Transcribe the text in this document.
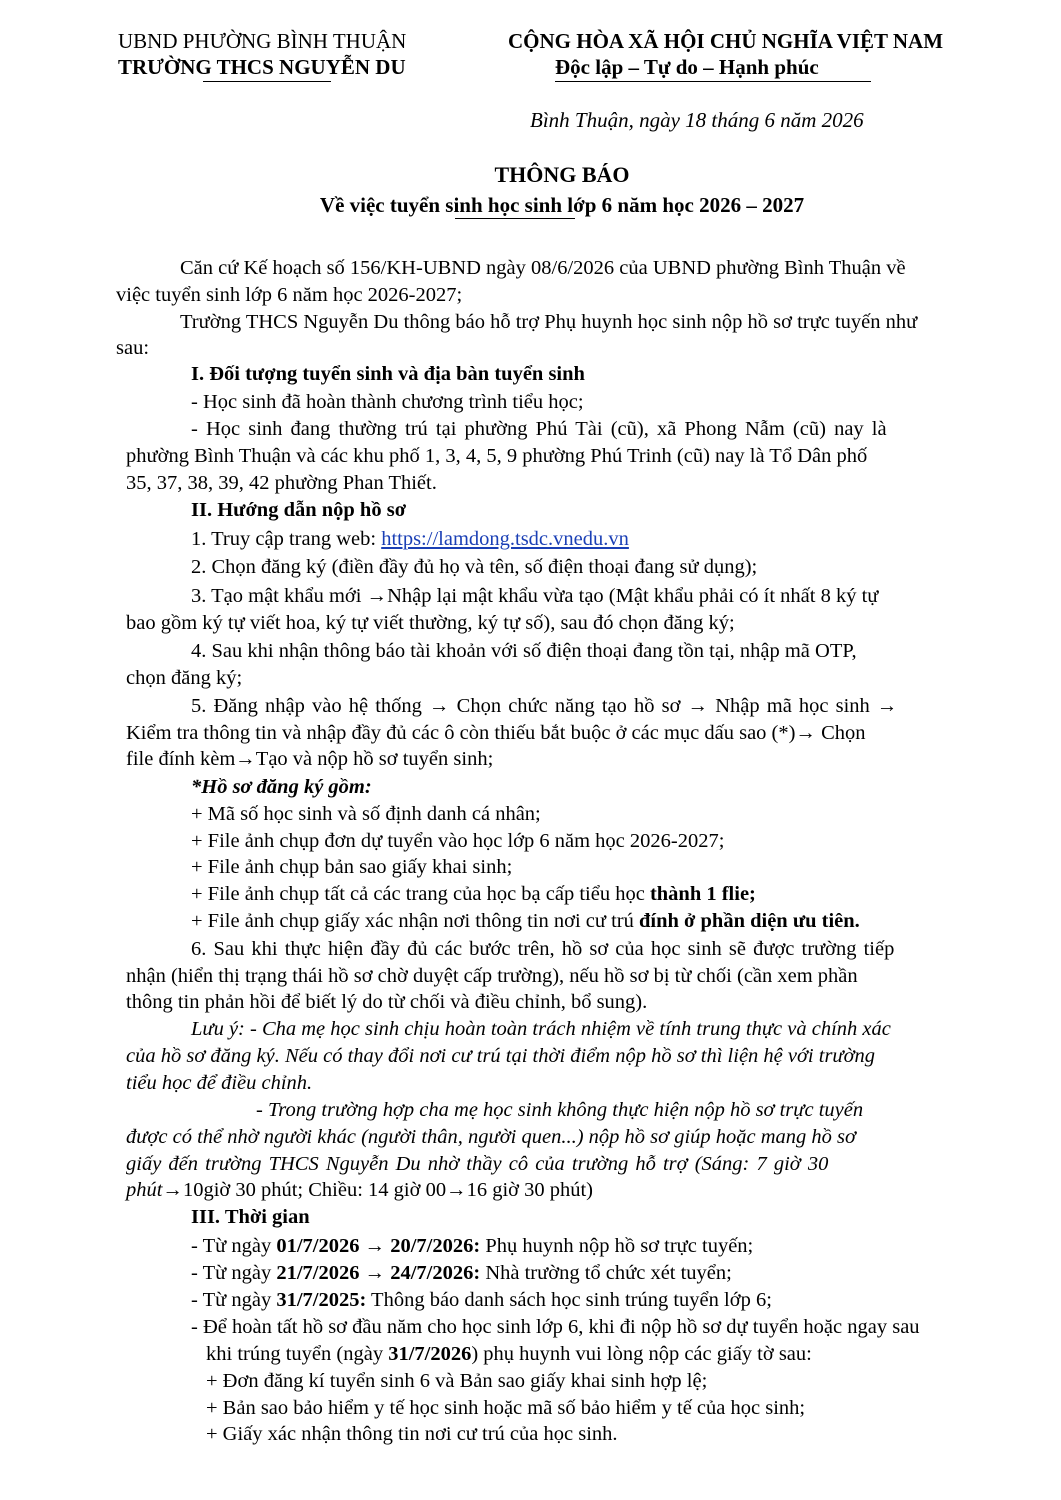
UBND PHƯỜNG BÌNH THUẬN
TRƯỜNG THCS NGUYỄN DU
CỘNG HÒA XÃ HỘI CHỦ NGHĨA VIỆT NAM
Độc lập – Tự do – Hạnh phúc
Bình Thuận, ngày 18 tháng 6 năm 2026
THÔNG BÁO
Về việc tuyển sinh học sinh lớp 6 năm học 2026 – 2027
Căn cứ Kế hoạch số 156/KH-UBND ngày 08/6/2026 của UBND phường Bình Thuận về
việc tuyển sinh lớp 6 năm học 2026-2027;
Trường THCS Nguyễn Du thông báo hỗ trợ Phụ huynh học sinh nộp hồ sơ trực tuyến như
sau:
I. Đối tượng tuyển sinh và địa bàn tuyển sinh
- Học sinh đã hoàn thành chương trình tiểu học;
- Học sinh đang thường trú tại phường Phú Tài (cũ), xã Phong Nẫm (cũ) nay là
phường Bình Thuận và các khu phố 1, 3, 4, 5, 9 phường Phú Trinh (cũ) nay là Tổ Dân phố
35, 37, 38, 39, 42 phường Phan Thiết.
II. Hướng dẫn nộp hồ sơ
1. Truy cập trang web: https://lamdong.tsdc.vnedu.vn
2. Chọn đăng ký (điền đầy đủ họ và tên, số điện thoại đang sử dụng);
3. Tạo mật khẩu mới →Nhập lại mật khẩu vừa tạo (Mật khẩu phải có ít nhất 8 ký tự
bao gồm ký tự viết hoa, ký tự viết thường, ký tự số), sau đó chọn đăng ký;
4. Sau khi nhận thông báo tài khoản với số điện thoại đang tồn tại, nhập mã OTP,
chọn đăng ký;
5. Đăng nhập vào hệ thống → Chọn chức năng tạo hồ sơ → Nhập mã học sinh →
Kiểm tra thông tin và nhập đầy đủ các ô còn thiếu bắt buộc ở các mục dấu sao (*)→ Chọn
file đính kèm→Tạo và nộp hồ sơ tuyển sinh;
*Hồ sơ đăng ký gồm:
+ Mã số học sinh và số định danh cá nhân;
+ File ảnh chụp đơn dự tuyển vào học lớp 6 năm học 2026-2027;
+ File ảnh chụp bản sao giấy khai sinh;
+ File ảnh chụp tất cả các trang của học bạ cấp tiểu học thành 1 flie;
+ File ảnh chụp giấy xác nhận nơi thông tin nơi cư trú đính ở phần diện ưu tiên.
6. Sau khi thực hiện đầy đủ các bước trên, hồ sơ của học sinh sẽ được trường tiếp
nhận (hiển thị trạng thái hồ sơ chờ duyệt cấp trường), nếu hồ sơ bị từ chối (cần xem phần
thông tin phản hồi để biết lý do từ chối và điều chỉnh, bổ sung).
Lưu ý: - Cha mẹ học sinh chịu hoàn toàn trách nhiệm về tính trung thực và chính xác
của hồ sơ đăng ký. Nếu có thay đổi nơi cư trú tại thời điểm nộp hồ sơ thì liện hệ với trường
tiểu học để điều chỉnh.
- Trong trường hợp cha mẹ học sinh không thực hiện nộp hồ sơ trực tuyến
được có thể nhờ người khác (người thân, người quen...) nộp hồ sơ giúp hoặc mang hồ sơ
giấy đến trường THCS Nguyễn Du nhờ thầy cô của trường hỗ trợ (Sáng: 7 giờ 30
phút→10giờ 30 phút; Chiều: 14 giờ 00→16 giờ 30 phút)
III. Thời gian
- Từ ngày 01/7/2026 → 20/7/2026: Phụ huynh nộp hồ sơ trực tuyến;
- Từ ngày 21/7/2026 → 24/7/2026: Nhà trường tổ chức xét tuyển;
- Từ ngày 31/7/2025: Thông báo danh sách học sinh trúng tuyển lớp 6;
- Để hoàn tất hồ sơ đầu năm cho học sinh lớp 6, khi đi nộp hồ sơ dự tuyển hoặc ngay sau
khi trúng tuyển (ngày 31/7/2026) phụ huynh vui lòng nộp các giấy tờ sau:
+ Đơn đăng kí tuyển sinh 6 và Bản sao giấy khai sinh hợp lệ;
+ Bản sao bảo hiểm y tế học sinh hoặc mã số bảo hiểm y tế của học sinh;
+ Giấy xác nhận thông tin nơi cư trú của học sinh.
